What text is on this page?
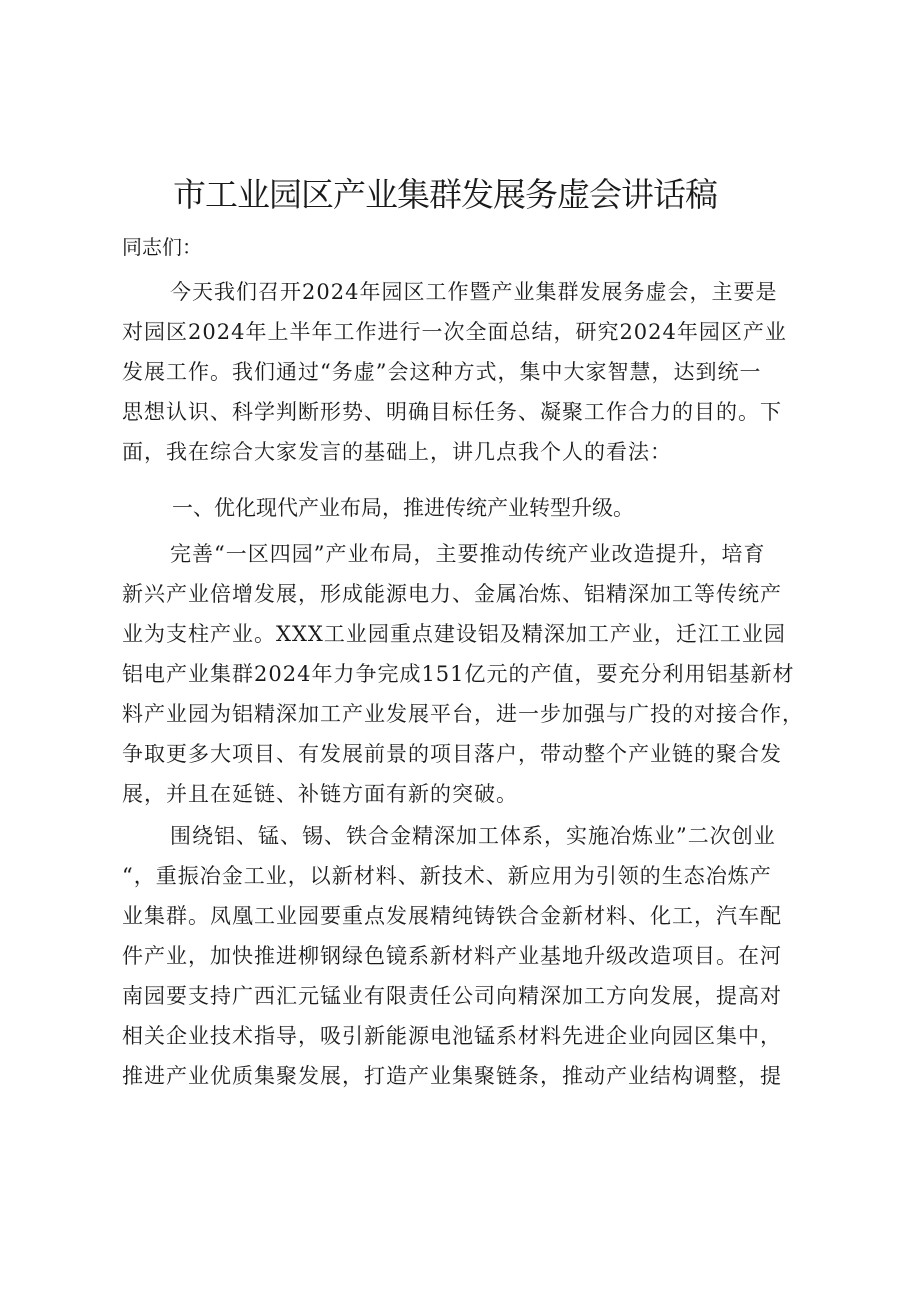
市工业园区产业集群发展务虚会讲话稿

同志们：

今天我们召开2024年园区工作暨产业集群发展务虚会，主要是
对园区2024年上半年工作进行一次全面总结，研究2024年园区产业
发展工作。我们通过“务虚”会这种方式，集中大家智慧，达到统一
思想认识、科学判断形势、明确目标任务、凝聚工作合力的目的。下
面，我在综合大家发言的基础上，讲几点我个人的看法：
一、优化现代产业布局，推进传统产业转型升级。
完善“一区四园”产业布局，主要推动传统产业改造提升，培育
新兴产业倍增发展，形成能源电力、金属冶炼、铝精深加工等传统产
业为支柱产业。XXX工业园重点建设铝及精深加工产业，迁江工业园
铝电产业集群2024年力争完成151亿元的产值，要充分利用铝基新材
料产业园为铝精深加工产业发展平台，进一步加强与广投的对接合作，
争取更多大项目、有发展前景的项目落户，带动整个产业链的聚合发
展，并且在延链、补链方面有新的突破。
围绕铝、锰、锡、铁合金精深加工体系，实施冶炼业”二次创业
“，重振冶金工业，以新材料、新技术、新应用为引领的生态冶炼产
业集群。凤凰工业园要重点发展精纯铸铁合金新材料、化工，汽车配
件产业，加快推进柳钢绿色镜系新材料产业基地升级改造项目。在河
南园要支持广西汇元锰业有限责任公司向精深加工方向发展，提高对
相关企业技术指导，吸引新能源电池锰系材料先进企业向园区集中，
推进产业优质集聚发展，打造产业集聚链条，推动产业结构调整，提
